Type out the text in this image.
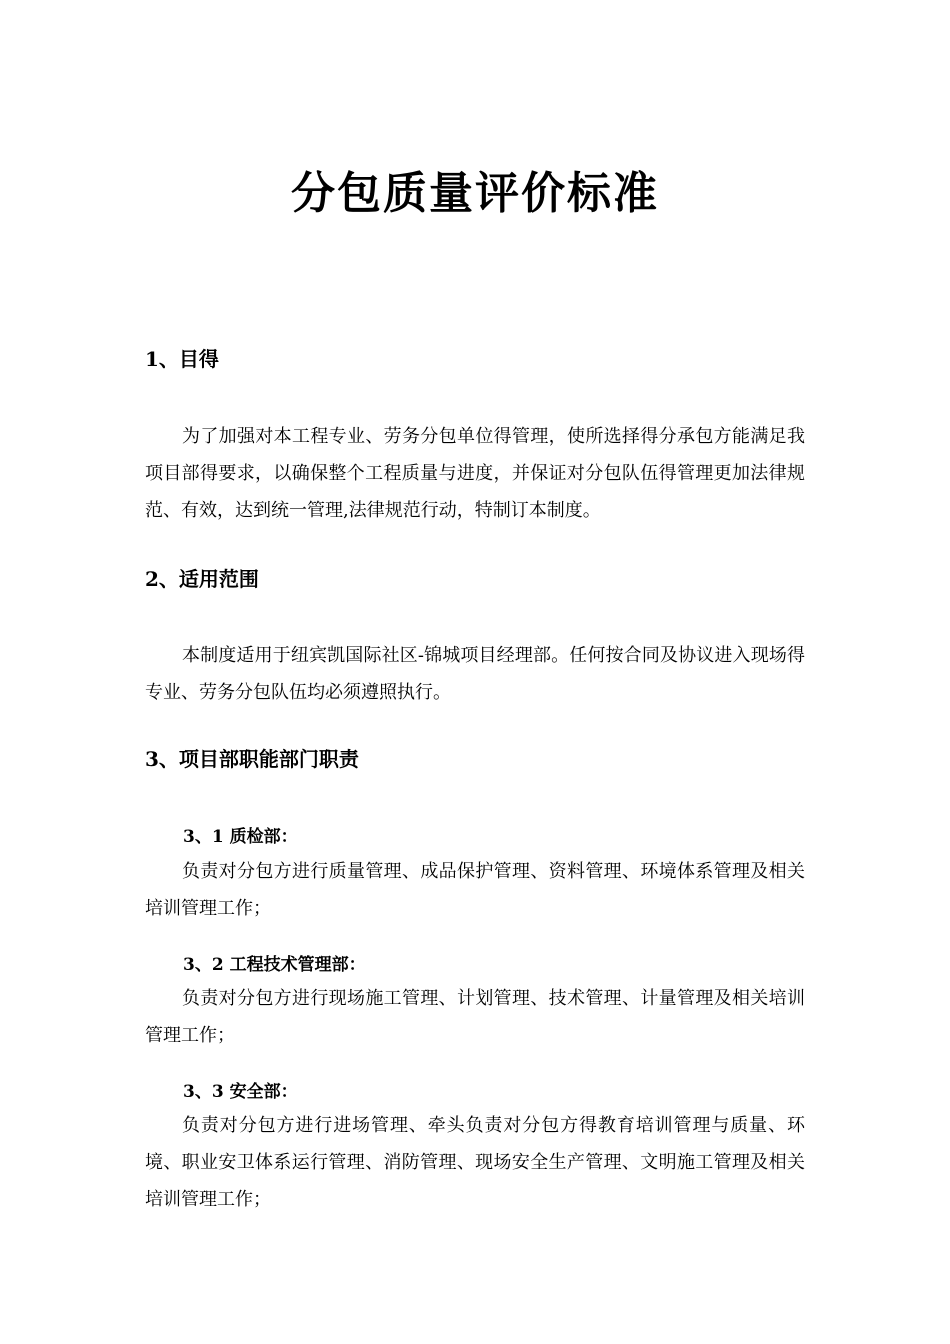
分包质量评价标准
1、目得
为了加强对本工程专业、劳务分包单位得管理，使所选择得分承包方能满足我项目部得要求，以确保整个工程质量与进度，并保证对分包队伍得管理更加法律规范、有效，达到统一管理,法律规范行动，特制订本制度。
2、适用范围
本制度适用于纽宾凯国际社区-锦城项目经理部。任何按合同及协议进入现场得专业、劳务分包队伍均必须遵照执行。
3、项目部职能部门职责
3、1 质检部：
负责对分包方进行质量管理、成品保护管理、资料管理、环境体系管理及相关培训管理工作；
3、2 工程技术管理部：
负责对分包方进行现场施工管理、计划管理、技术管理、计量管理及相关培训管理工作；
3、3 安全部：
负责对分包方进行进场管理、牵头负责对分包方得教育培训管理与质量、环境、职业安卫体系运行管理、消防管理、现场安全生产管理、文明施工管理及相关培训管理工作；
